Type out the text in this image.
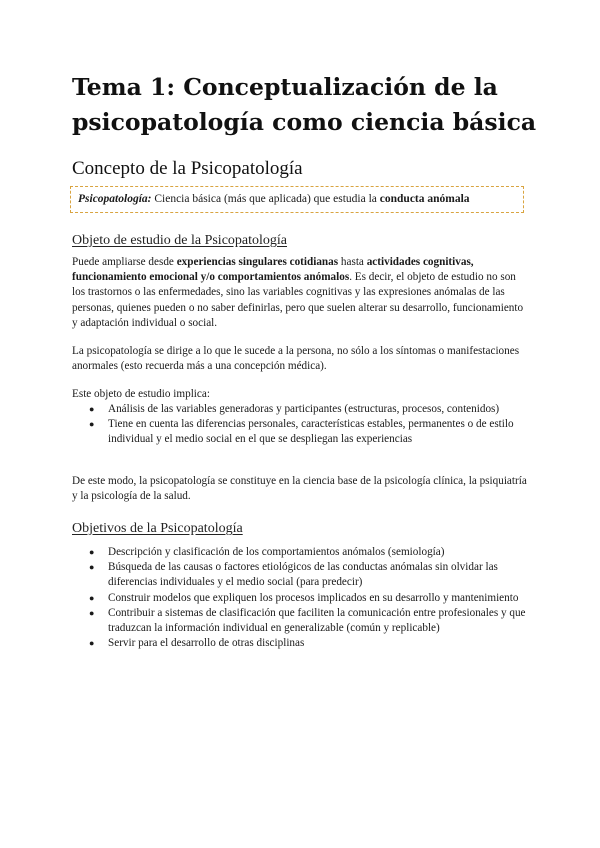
Tema 1: Conceptualización de la psicopatología como ciencia básica
Concepto de la Psicopatología
Psicopatología: Ciencia básica (más que aplicada) que estudia la conducta anómala
Objeto de estudio de la Psicopatología

Puede ampliarse desde experiencias singulares cotidianas hasta actividades cognitivas, funcionamiento emocional y/o comportamientos anómalos. Es decir, el objeto de estudio no son los trastornos o las enfermedades, sino las variables cognitivas y las expresiones anómalas de las personas, quienes pueden o no saber definirlas, pero que suelen alterar su desarrollo, funcionamiento y adaptación individual o social.

La psicopatología se dirige a lo que le sucede a la persona, no sólo a los síntomas o manifestaciones anormales (esto recuerda más a una concepción médica).

Este objeto de estudio implica:

● Análisis de las variables generadoras y participantes (estructuras, procesos, contenidos)
● Tiene en cuenta las diferencias personales, características estables, permanentes o de estilo individual y el medio social en el que se despliegan las experiencias

De este modo, la psicopatología se constituye en la ciencia base de la psicología clínica, la psiquiatría y la psicología de la salud.

Objetivos de la Psicopatología
● Descripción y clasificación de los comportamientos anómalos (semiología)
● Búsqueda de las causas o factores etiológicos de las conductas anómalas sin olvidar las diferencias individuales y el medio social (para predecir)
● Construir modelos que expliquen los procesos implicados en su desarrollo y mantenimiento
● Contribuir a sistemas de clasificación que faciliten la comunicación entre profesionales y que traduzcan la información individual en generalizable (común y replicable)
● Servir para el desarrollo de otras disciplinas
